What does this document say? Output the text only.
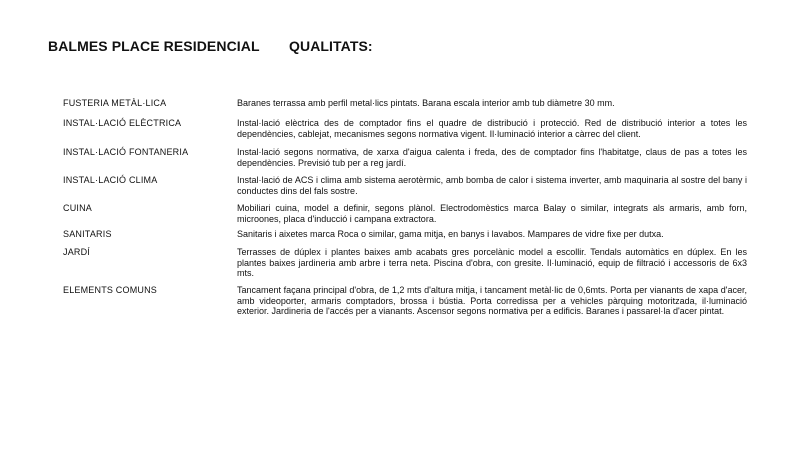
BALMES PLACE RESIDENCIAL	QUALITATS:
FUSTERIA METÀL·LICA	Baranes terrassa amb perfil metal·lics pintats. Barana escala interior amb tub diàmetre 30 mm.
INSTAL·LACIÓ ELÈCTRICA	Instal·lació elèctrica des de comptador fins el quadre de distribució i protecció. Red de distribució interior a totes les dependències, cablejat, mecanismes segons normativa vigent. Il·luminació interior a càrrec del client.
INSTAL·LACIÓ FONTANERIA	Instal·lació segons normativa, de xarxa d'aigua calenta i freda, des de comptador fins l'habitatge, claus de pas a totes les dependències. Previsió tub per a reg jardí.
INSTAL·LACIÓ CLIMA	Instal·lació de ACS i clima amb sistema aerotèrmic, amb bomba de calor i sistema inverter, amb maquinaria al sostre del bany i conductes dins del fals sostre.
CUINA	Mobiliari cuina, model a definir, segons plànol. Electrodomèstics marca Balay o similar, integrats als armaris, amb forn, microones, placa d'inducció i campana extractora.
SANITARIS	Sanitaris i aixetes marca Roca o similar, gama mitja, en banys i lavabos. Mampares de vidre fixe per dutxa.
JARDÍ	Terrasses de dúplex i plantes baixes amb acabats gres porcelànic model a escollir. Tendals automàtics en dúplex. En les plantes baixes jardineria amb arbre i terra neta. Piscina d'obra, con gresite. Il·luminació, equip de filtració i accessoris de 6x3 mts.
ELEMENTS COMUNS	Tancament façana principal d'obra, de 1,2 mts d'altura mitja, i tancament metàl·lic de 0,6mts. Porta per vianants de xapa d'acer, amb videoporter, armaris comptadors, brossa i bústia. Porta corredissa per a vehicles pàrquing motoritzada, il·luminació exterior. Jardineria de l'accés per a vianants. Ascensor segons normativa per a edificis. Baranes i passarel·la d'acer pintat.
